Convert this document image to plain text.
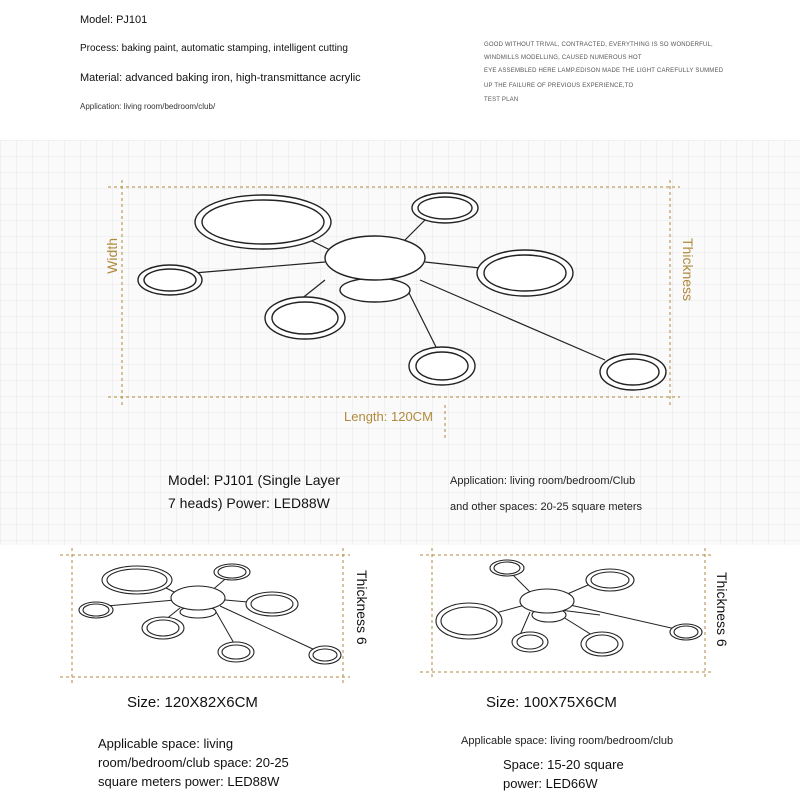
Model: PJ101
Process: baking paint, automatic stamping, intelligent cutting
Material: advanced baking iron, high-transmittance acrylic
Application: living room/bedroom/club/
GOOD WITHOUT TRIVAL, CONTRACTED, EVERYTHING IS SO WONDERFUL,
WINDMILLS MODELLING, CAUSED NUMEROUS HOT
EYE ASSEMBLED HERE LAMP.EDISON MADE THE LIGHT CAREFULLY SUMMED
UP THE FAILURE OF PREVIOUS EXPERIENCE,TO
TEST PLAN
Width	Thickness
Length: 120CM
Model: PJ101 (Single Layer
7 heads) Power: LED88W
Application: living room/bedroom/Club
and other spaces: 20-25 square meters
Thickness 6
Size: 120X82X6CM
Applicable space: living
room/bedroom/club space: 20-25
square meters power: LED88W
Thickness 6
Size: 100X75X6CM
Applicable space: living room/bedroom/club
Space: 15-20 square
power: LED66W
